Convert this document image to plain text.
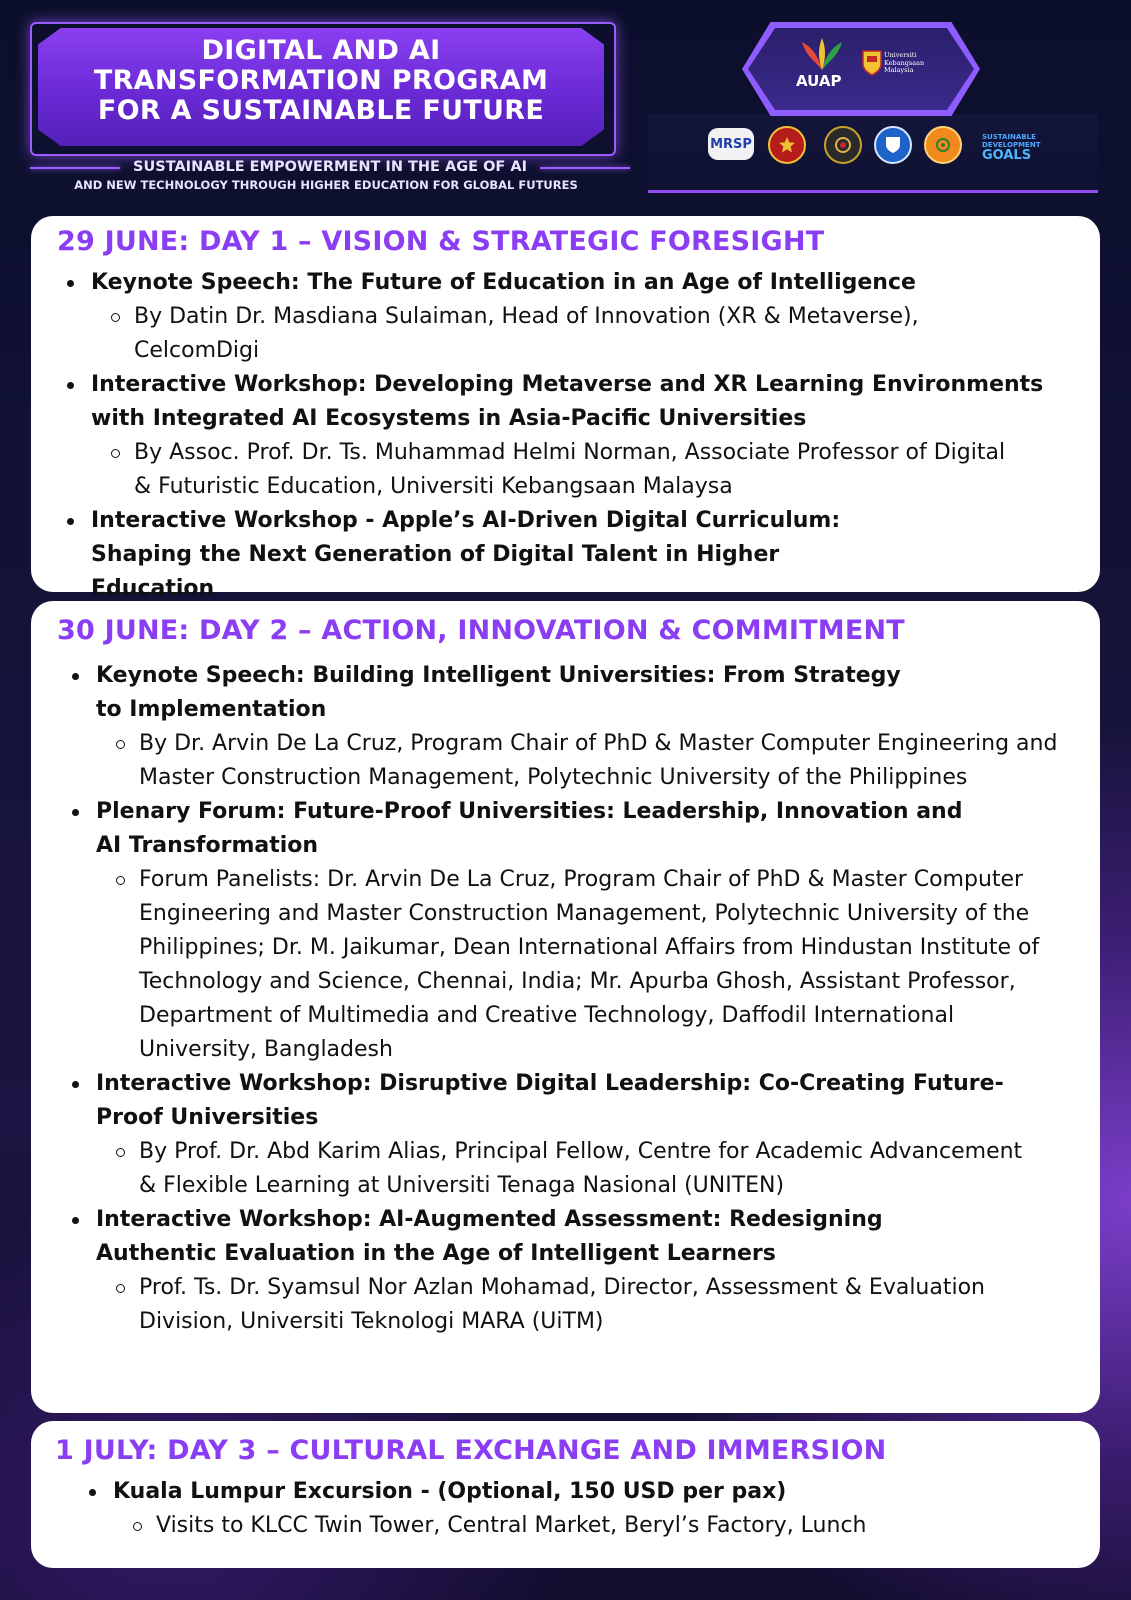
DIGITAL AND AI
TRANSFORMATION PROGRAM
FOR A SUSTAINABLE FUTURE
SUSTAINABLE EMPOWERMENT IN THE AGE OF AI
AND NEW TECHNOLOGY THROUGH HIGHER EDUCATION FOR GLOBAL FUTURES
AUAP
Universiti
Kebangsaan
Malaysia
MRSP	SUSTAINABLE
DEVELOPMENT
GOALS
29 JUNE: DAY 1 – VISION & STRATEGIC FORESIGHT
Keynote Speech: The Future of Education in an Age of Intelligence
By Datin Dr. Masdiana Sulaiman, Head of Innovation (XR & Metaverse), CelcomDigi
Interactive Workshop: Developing Metaverse and XR Learning Environments with Integrated AI Ecosystems in Asia-Pacific Universities
By Assoc. Prof. Dr. Ts. Muhammad Helmi Norman, Associate Professor of Digital & Futuristic Education, Universiti Kebangsaan Malaysa
Interactive Workshop - Apple’s AI-Driven Digital Curriculum: Shaping the Next Generation of Digital Talent in Higher Education
30 JUNE: DAY 2 – ACTION, INNOVATION & COMMITMENT
Keynote Speech: Building Intelligent Universities: From Strategy to Implementation
By Dr. Arvin De La Cruz, Program Chair of PhD & Master Computer Engineering and Master Construction Management, Polytechnic University of the Philippines
Plenary Forum: Future-Proof Universities: Leadership, Innovation and AI Transformation
Forum Panelists: Dr. Arvin De La Cruz, Program Chair of PhD & Master Computer Engineering and Master Construction Management, Polytechnic University of the Philippines; Dr. M. Jaikumar, Dean International Affairs from Hindustan Institute of Technology and Science, Chennai, India; Mr. Apurba Ghosh, Assistant Professor, Department of Multimedia and Creative Technology, Daffodil International University, Bangladesh
Interactive Workshop: Disruptive Digital Leadership: Co-Creating Future-Proof Universities
By Prof. Dr. Abd Karim Alias, Principal Fellow, Centre for Academic Advancement & Flexible Learning at Universiti Tenaga Nasional (UNITEN)
Interactive Workshop: AI-Augmented Assessment: Redesigning Authentic Evaluation in the Age of Intelligent Learners
Prof. Ts. Dr. Syamsul Nor Azlan Mohamad, Director, Assessment & Evaluation Division, Universiti Teknologi MARA (UiTM)
1 JULY: DAY 3 – CULTURAL EXCHANGE AND IMMERSION
Kuala Lumpur Excursion - (Optional, 150 USD per pax)
Visits to KLCC Twin Tower, Central Market, Beryl’s Factory, Lunch
